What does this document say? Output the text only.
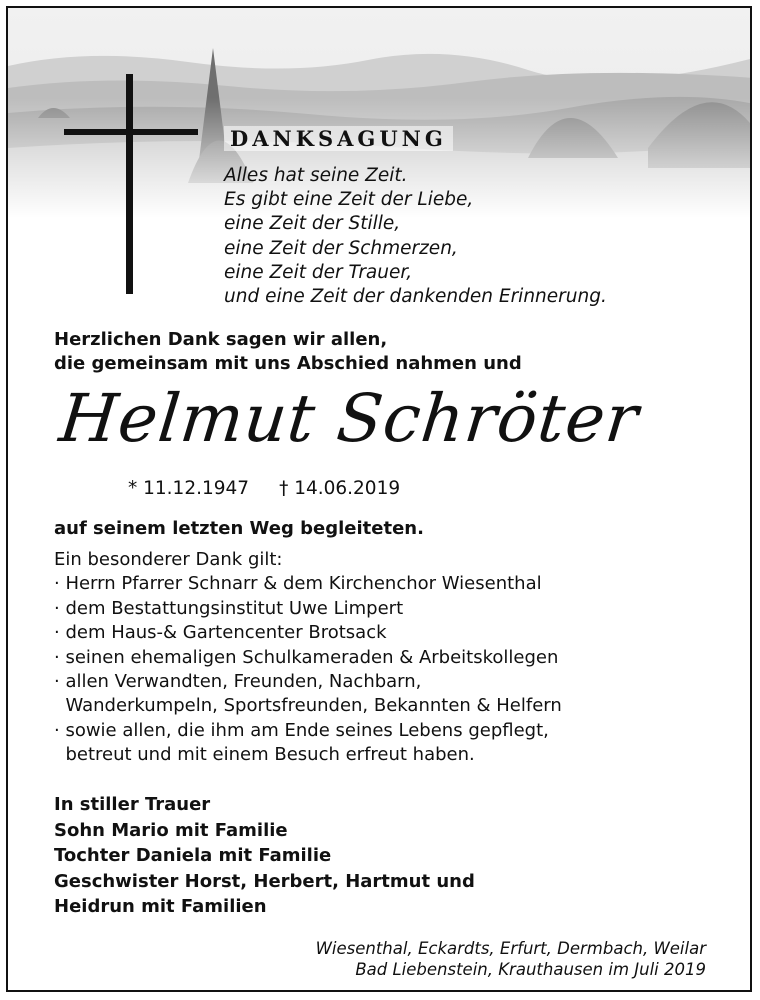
DANKSAGUNG
Alles hat seine Zeit.
Es gibt eine Zeit der Liebe,
eine Zeit der Stille,
eine Zeit der Schmerzen,
eine Zeit der Trauer,
und eine Zeit der dankenden Erinnerung.
Herzlichen Dank sagen wir allen,
die gemeinsam mit uns Abschied nahmen und
Helmut Schröter
* 11.12.1947 † 14.06.2019
auf seinem letzten Weg begleiteten.
Ein besonderer Dank gilt:
· Herrn Pfarrer Schnarr & dem Kirchenchor Wiesenthal
· dem Bestattungsinstitut Uwe Limpert
· dem Haus-& Gartencenter Brotsack
· seinen ehemaligen Schulkameraden & Arbeitskollegen
· allen Verwandten, Freunden, Nachbarn,
Wanderkumpeln, Sportsfreunden, Bekannten & Helfern
· sowie allen, die ihm am Ende seines Lebens gepflegt,
betreut und mit einem Besuch erfreut haben.
In stiller Trauer
Sohn Mario mit Familie
Tochter Daniela mit Familie
Geschwister Horst, Herbert, Hartmut und
Heidrun mit Familien
Wiesenthal, Eckardts, Erfurt, Dermbach, Weilar
Bad Liebenstein, Krauthausen im Juli 2019
